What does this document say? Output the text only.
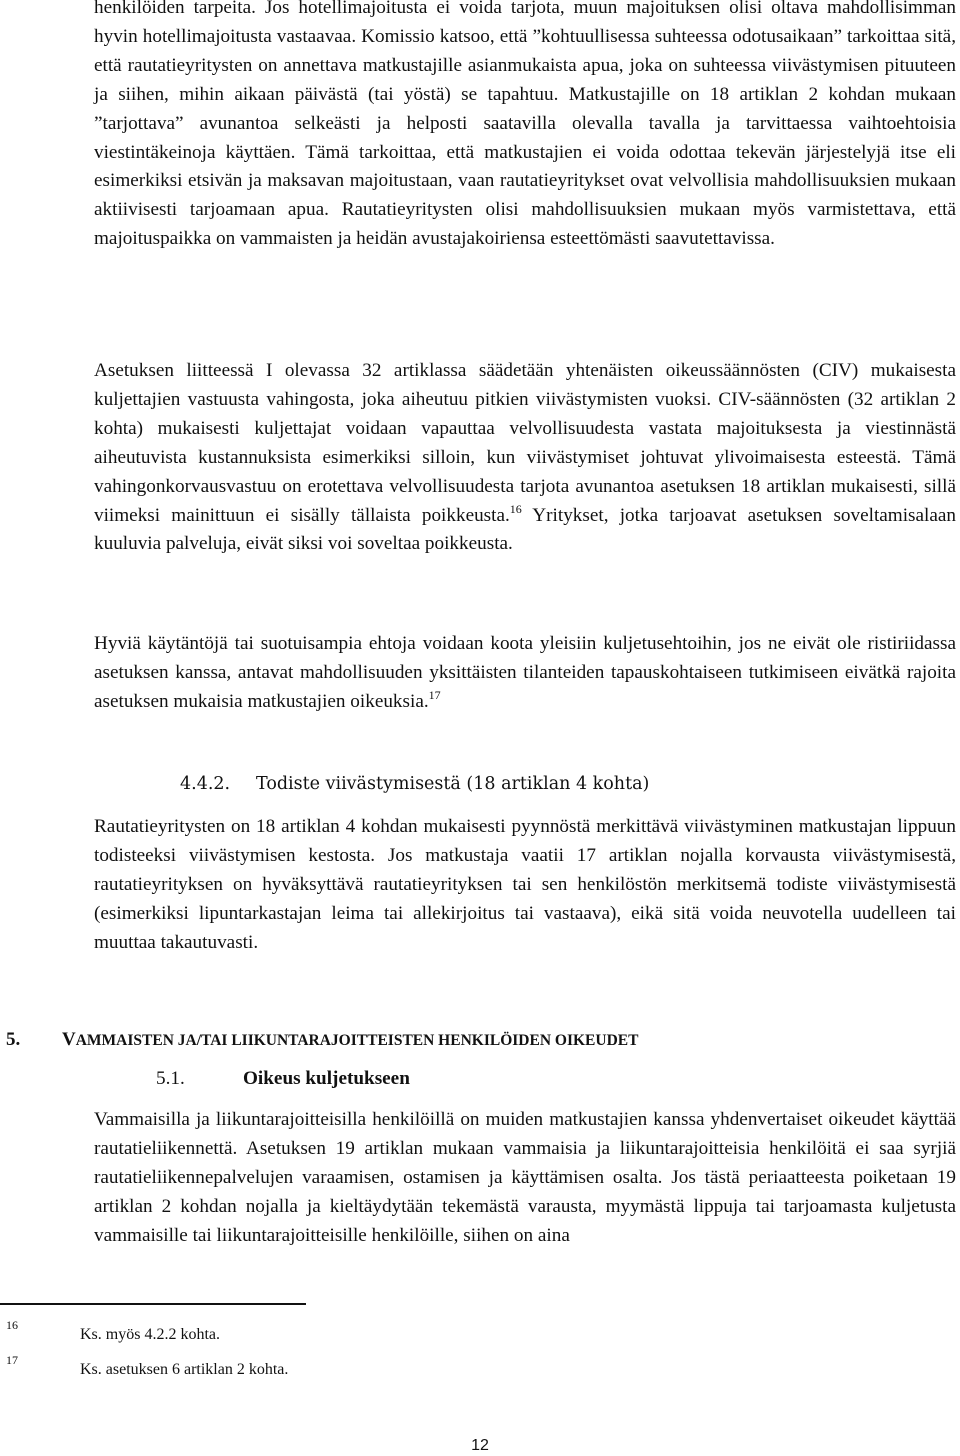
henkilöiden tarpeita. Jos hotellimajoitusta ei voida tarjota, muun majoituksen olisi oltava mahdollisimman hyvin hotellimajoitusta vastaavaa. Komissio katsoo, että ”kohtuullisessa suhteessa odotusaikaan” tarkoittaa sitä, että rautatieyritysten on annettava matkustajille asianmukaista apua, joka on suhteessa viivästymisen pituuteen ja siihen, mihin aikaan päivästä (tai yöstä) se tapahtuu. Matkustajille on 18 artiklan 2 kohdan mukaan ”tarjottava” avunantoa selkeästi ja helposti saatavilla olevalla tavalla ja tarvittaessa vaihtoehtoisia viestintäkeinoja käyttäen. Tämä tarkoittaa, että matkustajien ei voida odottaa tekevän järjestelyjä itse eli esimerkiksi etsivän ja maksavan majoitustaan, vaan rautatieyritykset ovat velvollisia mahdollisuuksien mukaan aktiivisesti tarjoamaan apua. Rautatieyritysten olisi mahdollisuuksien mukaan myös varmistettava, että majoituspaikka on vammaisten ja heidän avustajakoiriensa esteettömästi saavutettavissa.

Asetuksen liitteessä I olevassa 32 artiklassa säädetään yhtenäisten oikeussäännösten (CIV) mukaisesta kuljettajien vastuusta vahingosta, joka aiheutuu pitkien viivästymisten vuoksi. CIV-säännösten (32 artiklan 2 kohta) mukaisesti kuljettajat voidaan vapauttaa velvollisuudesta vastata majoituksesta ja viestinnästä aiheutuvista kustannuksista esimerkiksi silloin, kun viivästymiset johtuvat ylivoimaisesta esteestä. Tämä vahingonkorvausvastuu on erotettava velvollisuudesta tarjota avunantoa asetuksen 18 artiklan mukaisesti, sillä viimeksi mainittuun ei sisälly tällaista poikkeusta.$^{16}$ Yritykset, jotka tarjoavat asetuksen soveltamisalaan kuuluvia palveluja, eivät siksi voi soveltaa poikkeusta.

Hyviä käytäntöjä tai suotuisampia ehtoja voidaan koota yleisiin kuljetusehtoihin, jos ne eivät ole ristiriidassa asetuksen kanssa, antavat mahdollisuuden yksittäisten tilanteiden tapauskohtaiseen tutkimiseen eivätkä rajoita asetuksen mukaisia matkustajien oikeuksia.$^{17}$

4.4.2. Todiste viivästymisestä (18 artiklan 4 kohta)

Rautatieyritysten on 18 artiklan 4 kohdan mukaisesti pyynnöstä merkittävä viivästyminen matkustajan lippuun todisteeksi viivästymisen kestosta. Jos matkustaja vaatii 17 artiklan nojalla korvausta viivästymisestä, rautatieyrityksen on hyväksyttävä rautatieyrityksen tai sen henkilöstön merkitsemä todiste viivästymisestä (esimerkiksi lipuntarkastajan leima tai allekirjoitus tai vastaava), eikä sitä voida neuvotella uudelleen tai muuttaa takautuvasti.

5. VAMMAISTEN JA/TAI LIIKUNTARAJOITTEISTEN HENKILÖIDEN OIKEUDET
5.1.	Oikeus kuljetukseen

Vammaisilla ja liikuntarajoitteisilla henkilöillä on muiden matkustajien kanssa yhdenvertaiset oikeudet käyttää rautatieliikennettä. Asetuksen 19 artiklan mukaan vammaisia ja liikuntarajoitteisia henkilöitä ei saa syrjiä rautatieliikennepalvelujen varaamisen, ostamisen ja käyttämisen osalta. Jos tästä periaatteesta poiketaan 19 artiklan 2 kohdan nojalla ja kieltäydytään tekemästä varausta, myymästä lippuja tai tarjoamasta kuljetusta vammaisille tai liikuntarajoitteisille henkilöille, siihen on aina

16
Ks. myös 4.2.2 kohta.
17
Ks. asetuksen 6 artiklan 2 kohta.
12
